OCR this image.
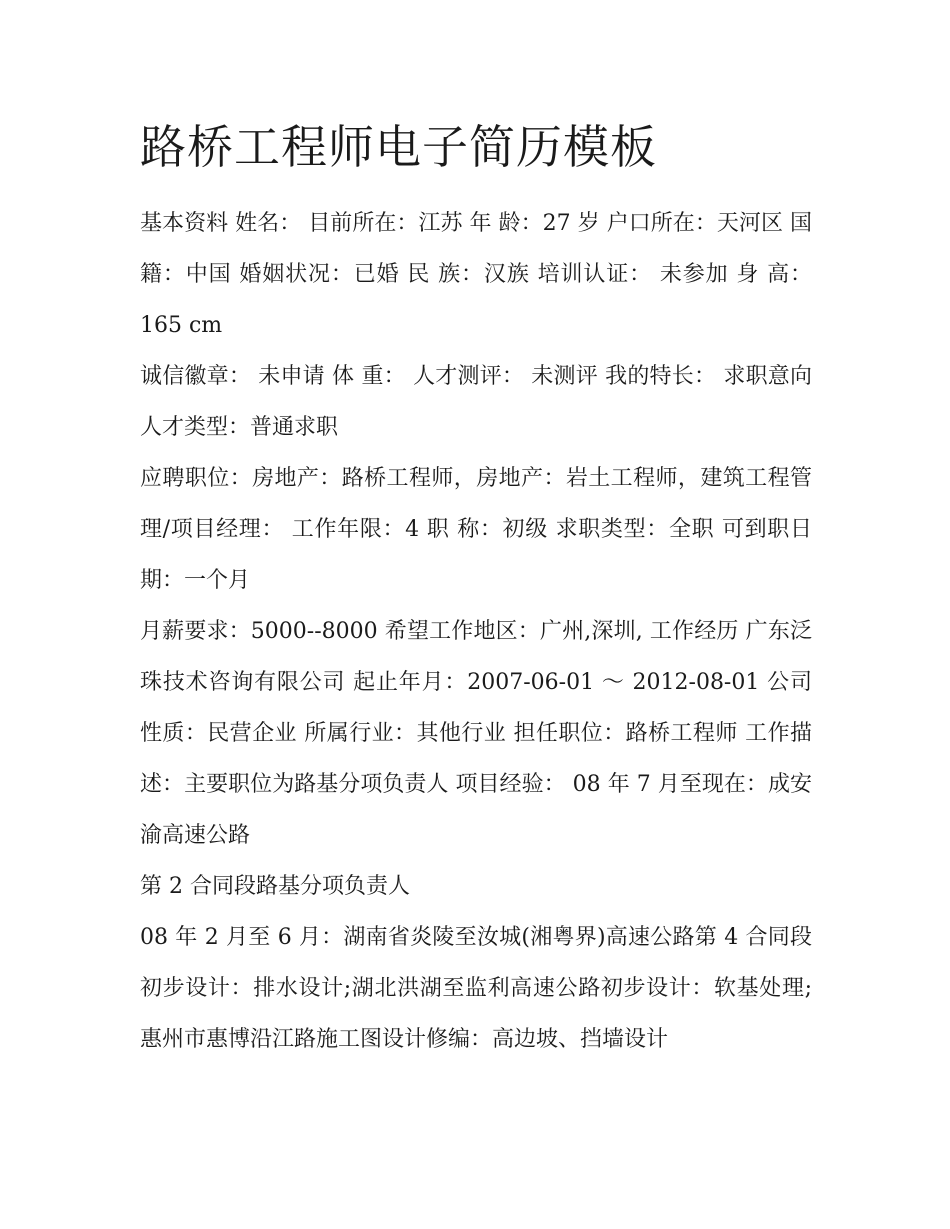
路桥工程师电子简历模板

基本资料 姓名： 目前所在：江苏 年 龄：27 岁 户口所在：天河区 国 籍：中国 婚姻状况：已婚 民 族：汉族 培训认证： 未参加 身 高：165 cm

诚信徽章： 未申请 体 重： 人才测评： 未测评 我的特长： 求职意向 人才类型：普通求职

应聘职位：房地产：路桥工程师，房地产：岩土工程师，建筑工程管理/项目经理： 工作年限：4 职 称：初级 求职类型：全职 可到职日期：一个月

月薪要求：5000--8000 希望工作地区：广州,深圳, 工作经历 广东泛珠技术咨询有限公司 起止年月：2007-06-01 ～ 2012-08-01 公司性质：民营企业 所属行业：其他行业 担任职位：路桥工程师 工作描述：主要职位为路基分项负责人 项目经验： 08 年 7 月至现在：成安渝高速公路

第 2 合同段路基分项负责人

08 年 2 月至 6 月：湖南省炎陵至汝城(湘粤界)高速公路第 4 合同段初步设计：排水设计;湖北洪湖至监利高速公路初步设计：软基处理;惠州市惠博沿江路施工图设计修编：高边坡、挡墙设计
